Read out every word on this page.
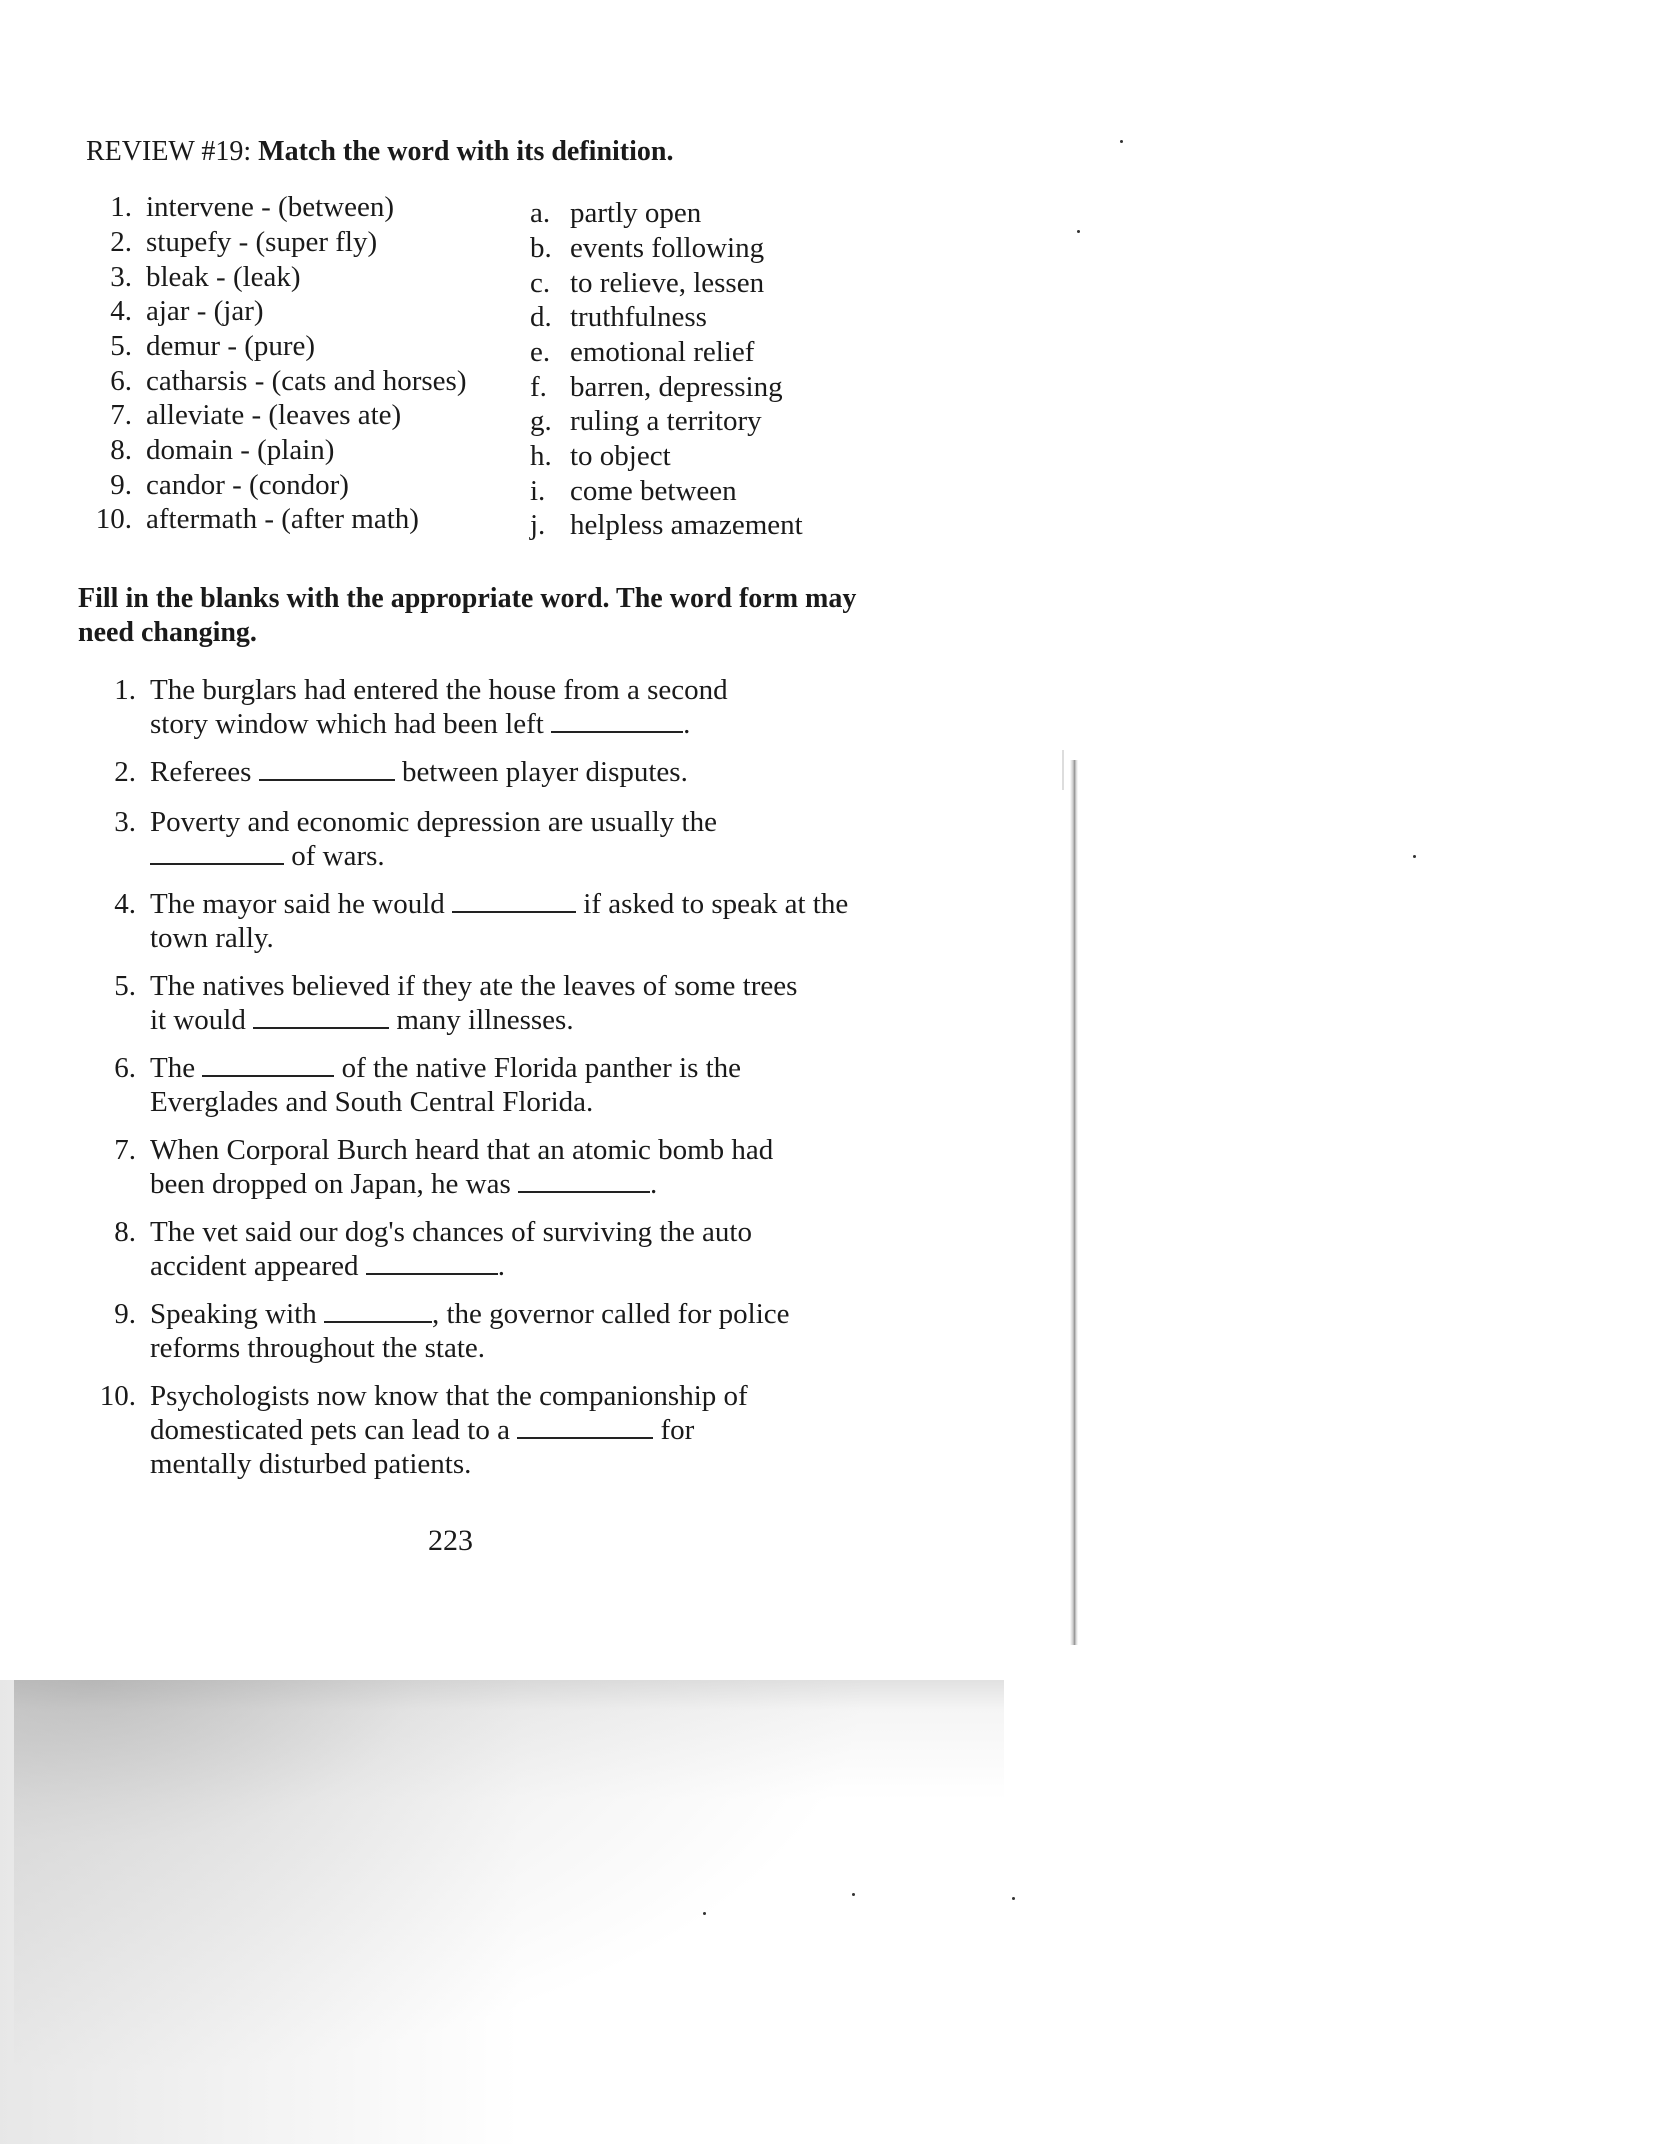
REVIEW #19: Match the word with its definition.
1. intervene - (between)
2. stupefy - (super fly)
3. bleak - (leak)
4. ajar - (jar)
5. demur - (pure)
6. catharsis - (cats and horses)
7. alleviate - (leaves ate)
8. domain - (plain)
9. candor - (condor)
10. aftermath - (after math)
a. partly open
b. events following
c. to relieve, lessen
d. truthfulness
e. emotional relief
f. barren, depressing
g. ruling a territory
h. to object
i. come between
j. helpless amazement
Fill in the blanks with the appropriate word. The word form may need changing.
1. The burglars had entered the house from a second
story window which had been left	.
2. Referees	between player disputes.
3. Poverty and economic depression are usually the
of wars.
4. The mayor said he would	if asked to speak at the
town rally.
5. The natives believed if they ate the leaves of some trees
it would	many illnesses.
6. The	of the native Florida panther is the
Everglades and South Central Florida.
7. When Corporal Burch heard that an atomic bomb had
been dropped on Japan, he was	.
8. The vet said our dog's chances of surviving the auto
accident appeared	.
9. Speaking with	, the governor called for police
reforms throughout the state.
10. Psychologists now know that the companionship of
domesticated pets can lead to a	for
mentally disturbed patients.
223
